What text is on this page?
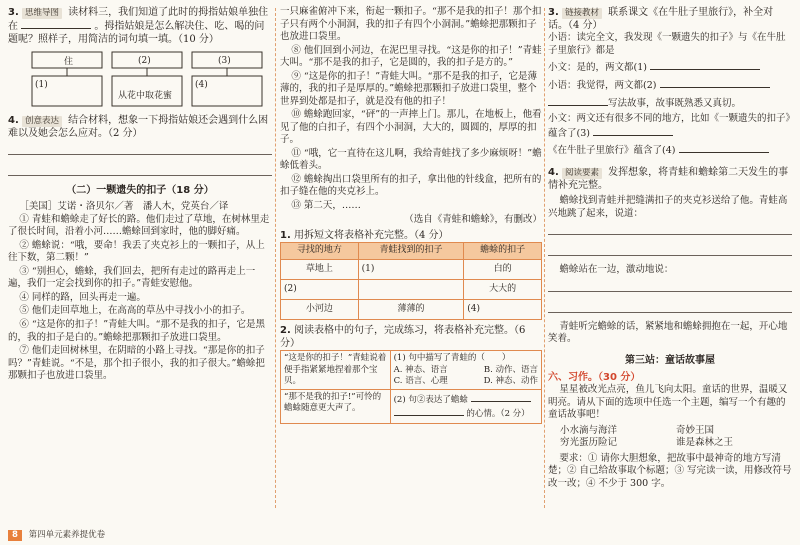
3. 思维导图 读材料三，我们知道了此时的拇指姑娘单独住在	。拇指姑娘是怎么解决住、吃、喝的问题呢？照样子，用简洁的词句填一填。（10 分）

住
(1)
从花中取花蜜
(4)
(2)	(3)

4. 创意表达 结合材料，想象一下拇指姑娘还会遇到什么困难以及她会怎么应对。（2 分）

（二）一颗遗失的扣子（18 分）

［美国］艾诺・洛贝尔／著　潘人木，党英台／译

① 青蛙和蟾蜍走了好长的路。他们走过了草地，在树林里走了很长时间，沿着小河……蟾蜍回到家时，他的脚好痛。

② 蟾蜍说：“哦，要命！我丢了夹克衫上的一颗扣子，从上往下数，第二颗！”

③ “别担心，蟾蜍，我们回去，把所有走过的路再走上一遍，我们一定会找到你的扣子。”青蛙安慰他。

④ 同样的路，回头再走一遍。

⑤ 他们走回草地上，在高高的草丛中寻找小小的扣子。

⑥ “这是你的扣子！”青蛙大叫。“那不是我的扣子，它是黑的，我的扣子是白的。”蟾蜍把那颗扣子放进口袋里。

⑦ 他们走回树林里，在阴暗的小路上寻找。“那是你的扣子吗？”青蛙说。“不是，那个扣子很小，我的扣子很大。”蟾蜍把那颗扣子也放进口袋里。

一只麻雀俯冲下来，衔起一颗扣子。“那不是我的扣子！那个扣子只有两个小洞洞，我的扣子有四个小洞洞。”蟾蜍把那颗扣子也放进口袋里。

⑧ 他们回到小河边，在泥巴里寻找。“这是你的扣子！”青蛙大叫。“那不是我的扣子，它是圆的，我的扣子是方的。”

⑨ “这是你的扣子！”青蛙大叫。“那不是我的扣子，它是薄薄的，我的扣子是厚厚的。”蟾蜍把那颗扣子放进口袋里，整个世界到处都是扣子，就是没有他的扣子！

⑩ 蟾蜍跑回家，“砰”的一声摔上门。那儿，在地板上，他看见了他的白扣子，有四个小洞洞，大大的，圆圆的，厚厚的扣子。

⑪ “哦，它一直待在这儿啊，我给青蛙找了多少麻烦呀！”蟾蜍低着头。

⑫ 蟾蜍掏出口袋里所有的扣子，拿出他的针线盒，把所有的扣子缝在他的夹克衫上。

⑬ 第二天，……

（选自《青蛙和蟾蜍》，有删改）

1. 用拆短文将表格补充完整。（4 分）

寻找的地方	青蛙找到的扣子	蟾蜍的扣子
草地上	(1)	白的
(2)		大大的
小河边	薄薄的	(4)

2. 阅读表格中的句子，完成练习，将表格补充完整。（6 分）

“这是你的扣子！”青蛙说着便手指紧紧地捏着那个宝贝。	(1) 句中描写了青蛙的（　　）
A. 神态、语言 B. 动作、语言
C. 语言、心理 D. 神态、动作

“那不是我的扣子!”可怜的蟾蜍随意更大声了。	(2) 句②表达了蟾蜍
的心情。（2 分）

3. 链接教材 联系课文《在牛肚子里旅行》，补全对话。（4 分）

小语：读完全文，我发现《一颗遗失的扣子》与《在牛肚子里旅行》都是

小文：是的，两文都(1)

小语：我觉得，两文都(2)

写法故事，故事既熟悉又真切。

小文：两文还有很多不同的地方，比如《一颗遗失的扣子》蕴含了(3)

《在牛肚子里旅行》蕴含了(4)

4. 阅读要素 发挥想象，将青蛙和蟾蜍第二天发生的事情补充完整。

蟾蜍找到青蛙并把缝满扣子的夹克衫送给了他。青蛙高兴地跳了起来，说道：

蟾蜍站在一边，激动地说：

青蛙听完蟾蜍的话，紧紧地和蟾蜍拥抱在一起，开心地笑着。

第三站：童话故事屋

六、习作。（30 分）

星星被改光点亮，鱼儿飞向太阳。童话的世界，温暖又明亮。请从下面的选项中任选一个主题，编写一个有趣的童话故事吧！

小水滴与海洋	奇妙王国
穷光蛋历险记	谁是森林之王

要求：① 请你大胆想象，把故事中最神奇的地方写清楚；② 自己给故事取个标题；③ 写完读一读，用修改符号改一改；④ 不少于 300 字。

8 第四单元素养提优卷
